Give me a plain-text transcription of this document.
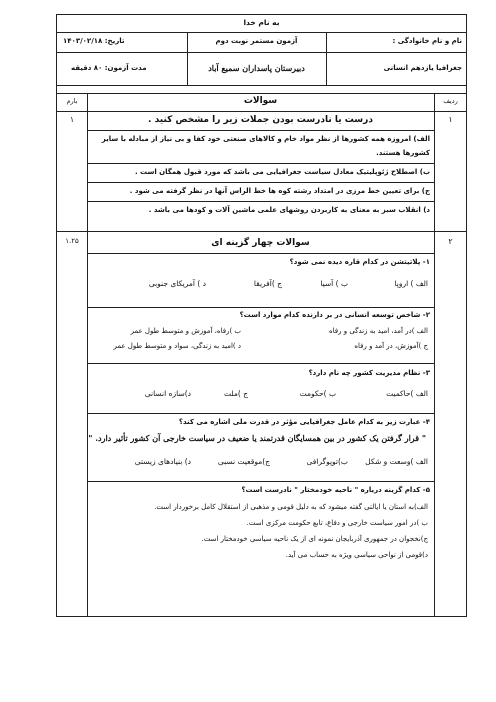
به نام خدا
نام و نام خانوادگی :
آزمون مستمر نوبت دوم
تاریخ: ۱۴۰۳/۰۲/۱۸
جغرافیا یازدهم انسانی
دبیرستان پاسداران سمیع آباد
مدت آزمون: ۸۰ دقیقه
ردیف
سوالات
بارم
۱
۱	درست یا نادرست بودن جملات زیر را مشخص کنید .
الف) امروزه همه کشورها از نظر مواد خام و کالاهای صنعتی خود کفا و بی نیاز از مبادله با سایر
کشورها هستند.
ب) اصطلاح ژئوپلیتیک معادل سیاست جغرافیایی می باشد که مورد قبول همگان است .
ج) برای تعیین خط مرزی در امتداد رشته کوه ها خط الراس آنها در نظر گرفته می شود .
د) انقلاب سبز به معنای به کاربردن روشهای علمی ماشین آلات و کودها می باشد .
۲
۱.۲۵	سوالات چهار گزینه ای
۱- پلاتیتشن در کدام قاره دیده نمی شود؟
الف ) اروپا
ب ) آسیا
ج )آفریقا
د ) آمریکای جنوبی
۲- شاخص توسعه انسانی در بر دارنده کدام موارد است؟
الف )در آمد، امید به زندگی و رفاه
ب )رفاه، آموزش و متوسط طول عمر
ج )آموزش، در آمد و رفاه
د )امید به زندگی، سواد و متوسط طول عمر
۳- نظام مدیریت کشور چه نام دارد؟
الف )حاکمیت
ب )حکومت
ج )ملت
د)سازه انسانی
۴- عبارت زیر به کدام عامل جغرافیایی مؤثر در قدرت ملی اشاره می کند؟
" قرار گرفتن یک کشور در بین همسایگان قدرتمند یا ضعیف در سیاست خارجی آن کشور تأثیر دارد. "
الف )وسعت و شکل
ب)توپوگرافی
ج)موقعیت نسبی
د) بنیادهای زیستی
۵- کدام گزینه درباره " ناحیه خودمختار " نادرست است؟
الف)به استان یا ایالتی گفته میشود که به دلیل قومی و مذهبی از استقلال کامل برخوردار است.
ب )در امور سیاست خارجی و دفاع، تابع حکومت مرکزی است.
ج)نخجوان در جمهوری آذربایجان نمونه ای از یک ناحیه سیاسی خودمختار است.
د)قومی از نواحی سیاسی ویژه به حساب می آید.
